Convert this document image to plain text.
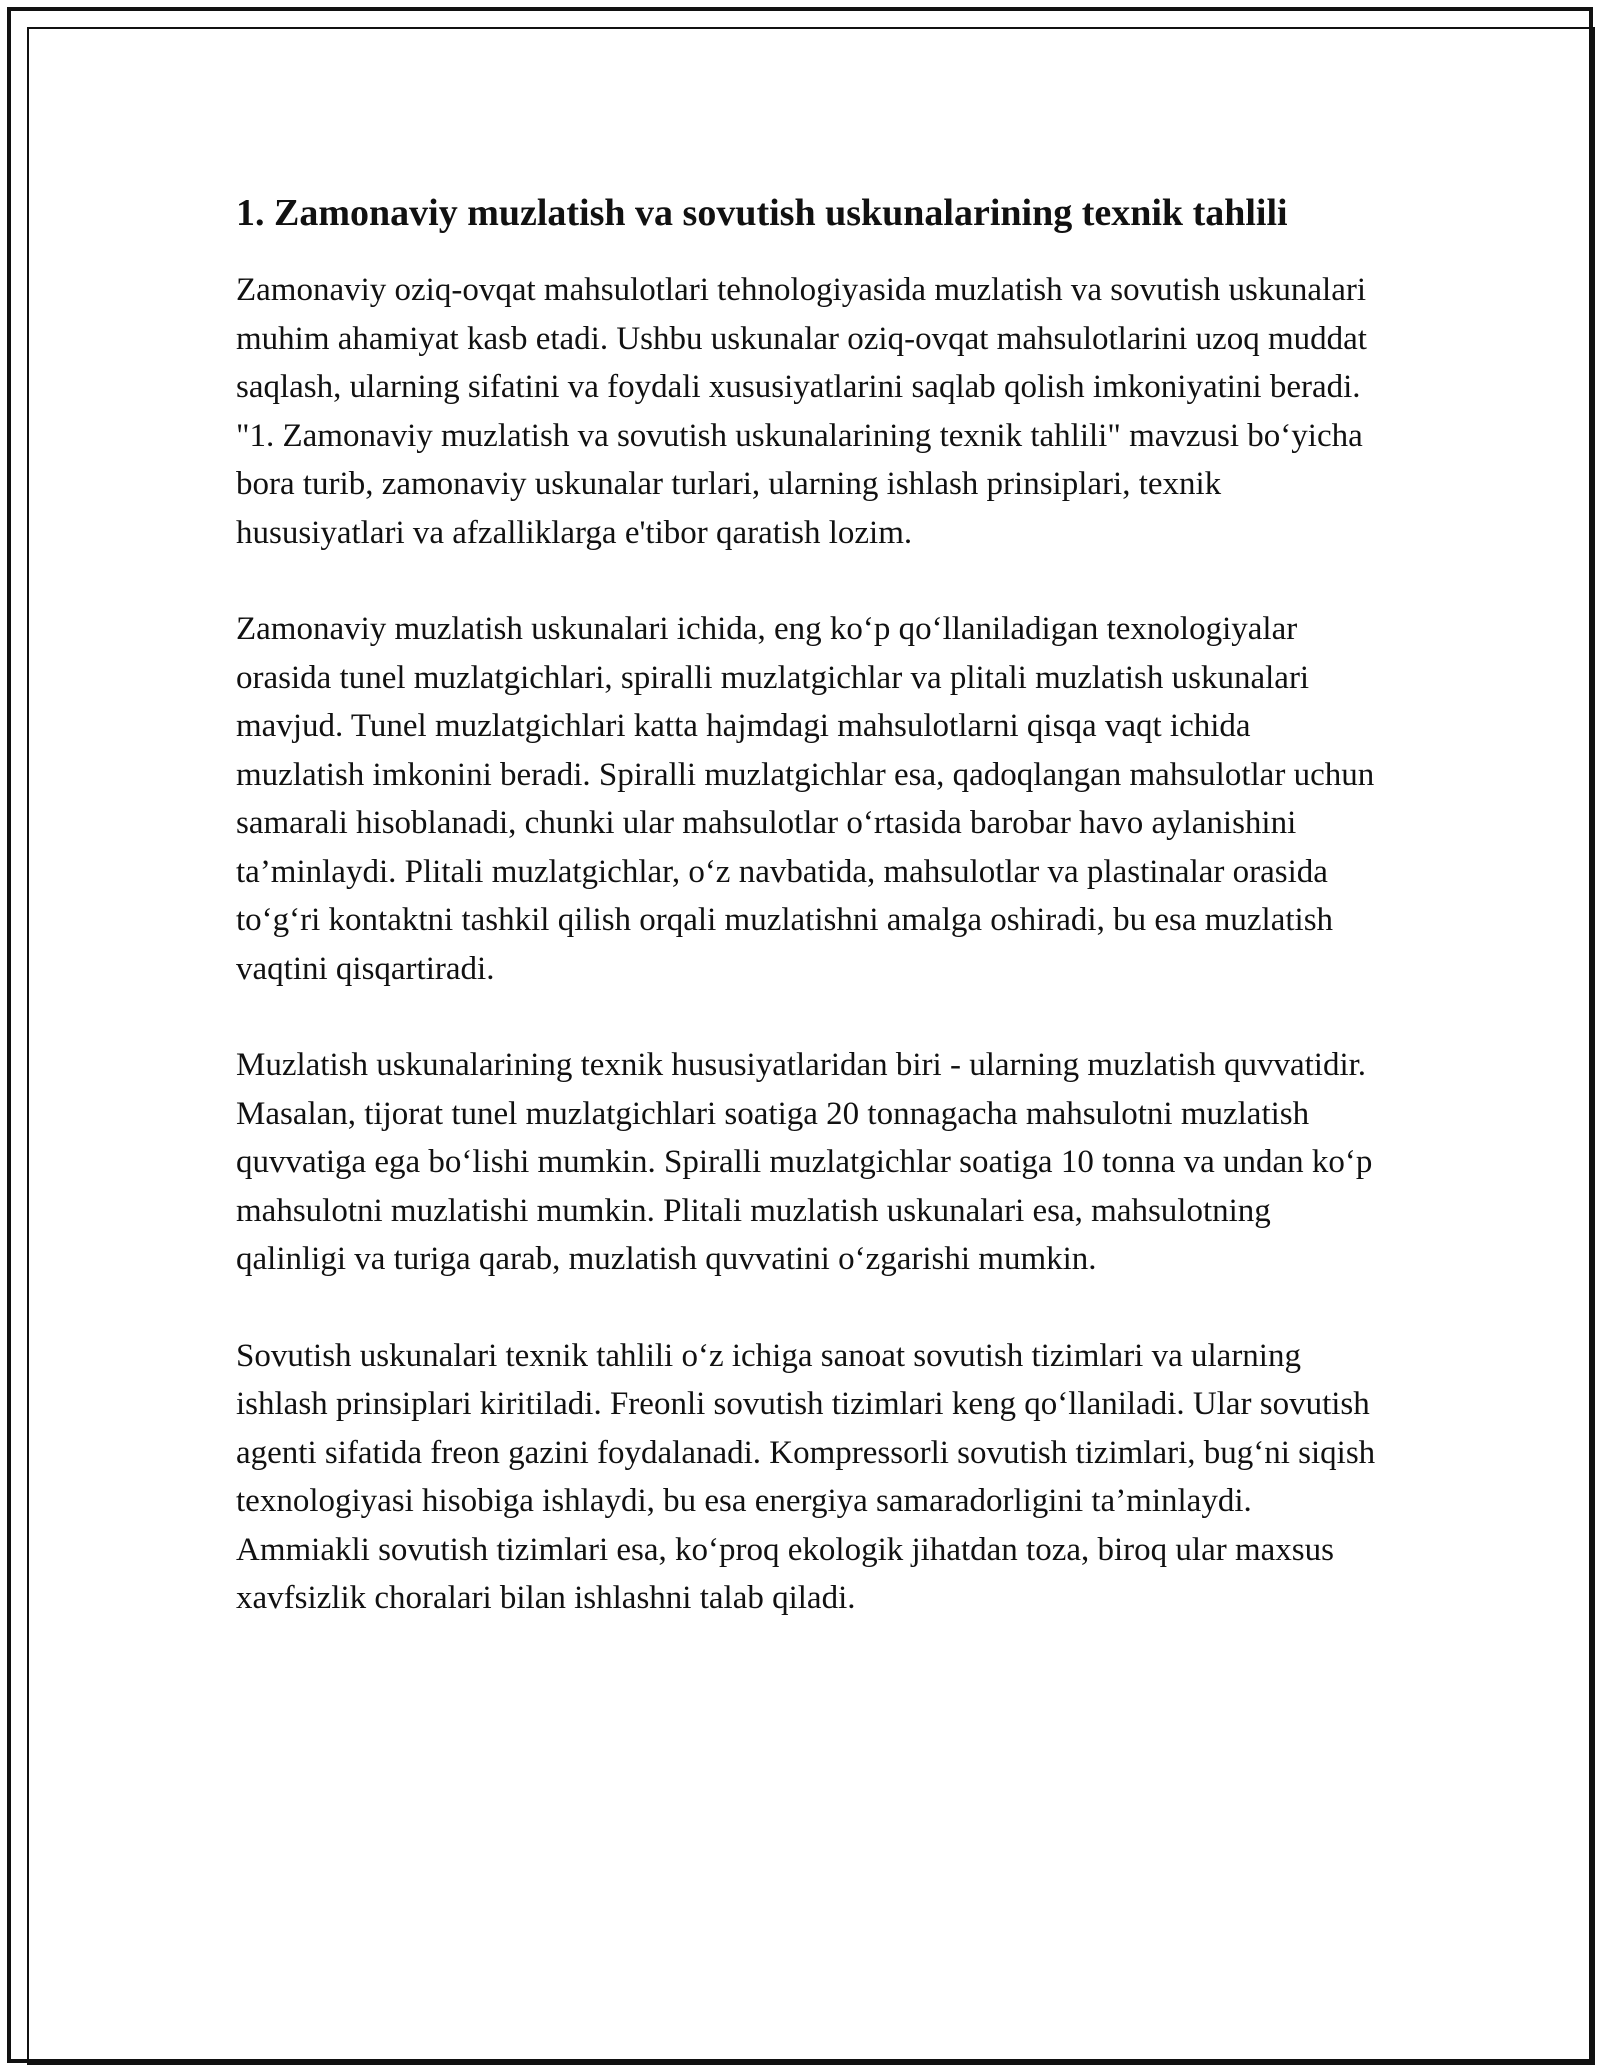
1. Zamonaviy muzlatish va sovutish uskunalarining texnik tahlili

Zamonaviy oziq-ovqat mahsulotlari tehnologiyasida muzlatish va sovutish uskunalari muhim ahamiyat kasb etadi. Ushbu uskunalar oziq-ovqat mahsulotlarini uzoq muddat saqlash, ularning sifatini va foydali xususiyatlarini saqlab qolish imkoniyatini beradi. "1. Zamonaviy muzlatish va sovutish uskunalarining texnik tahlili" mavzusi bo‘yicha bora turib, zamonaviy uskunalar turlari, ularning ishlash prinsiplari, texnik hususiyatlari va afzalliklarga e'tibor qaratish lozim.

Zamonaviy muzlatish uskunalari ichida, eng ko‘p qo‘llaniladigan texnologiyalar orasida tunel muzlatgichlari, spiralli muzlatgichlar va plitali muzlatish uskunalari mavjud. Tunel muzlatgichlari katta hajmdagi mahsulotlarni qisqa vaqt ichida muzlatish imkonini beradi. Spiralli muzlatgichlar esa, qadoqlangan mahsulotlar uchun samarali hisoblanadi, chunki ular mahsulotlar o‘rtasida barobar havo aylanishini ta’minlaydi. Plitali muzlatgichlar, o‘z navbatida, mahsulotlar va plastinalar orasida to‘g‘ri kontaktni tashkil qilish orqali muzlatishni amalga oshiradi, bu esa muzlatish vaqtini qisqartiradi.

Muzlatish uskunalarining texnik hususiyatlaridan biri - ularning muzlatish quvvatidir. Masalan, tijorat tunel muzlatgichlari soatiga 20 tonnagacha mahsulotni muzlatish quvvatiga ega bo‘lishi mumkin. Spiralli muzlatgichlar soatiga 10 tonna va undan ko‘p mahsulotni muzlatishi mumkin. Plitali muzlatish uskunalari esa, mahsulotning qalinligi va turiga qarab, muzlatish quvvatini o‘zgarishi mumkin.

Sovutish uskunalari texnik tahlili o‘z ichiga sanoat sovutish tizimlari va ularning ishlash prinsiplari kiritiladi. Freonli sovutish tizimlari keng qo‘llaniladi. Ular sovutish agenti sifatida freon gazini foydalanadi. Kompressorli sovutish tizimlari, bug‘ni siqish texnologiyasi hisobiga ishlaydi, bu esa energiya samaradorligini ta’minlaydi. Ammiakli sovutish tizimlari esa, ko‘proq ekologik jihatdan toza, biroq ular maxsus xavfsizlik choralari bilan ishlashni talab qiladi.
